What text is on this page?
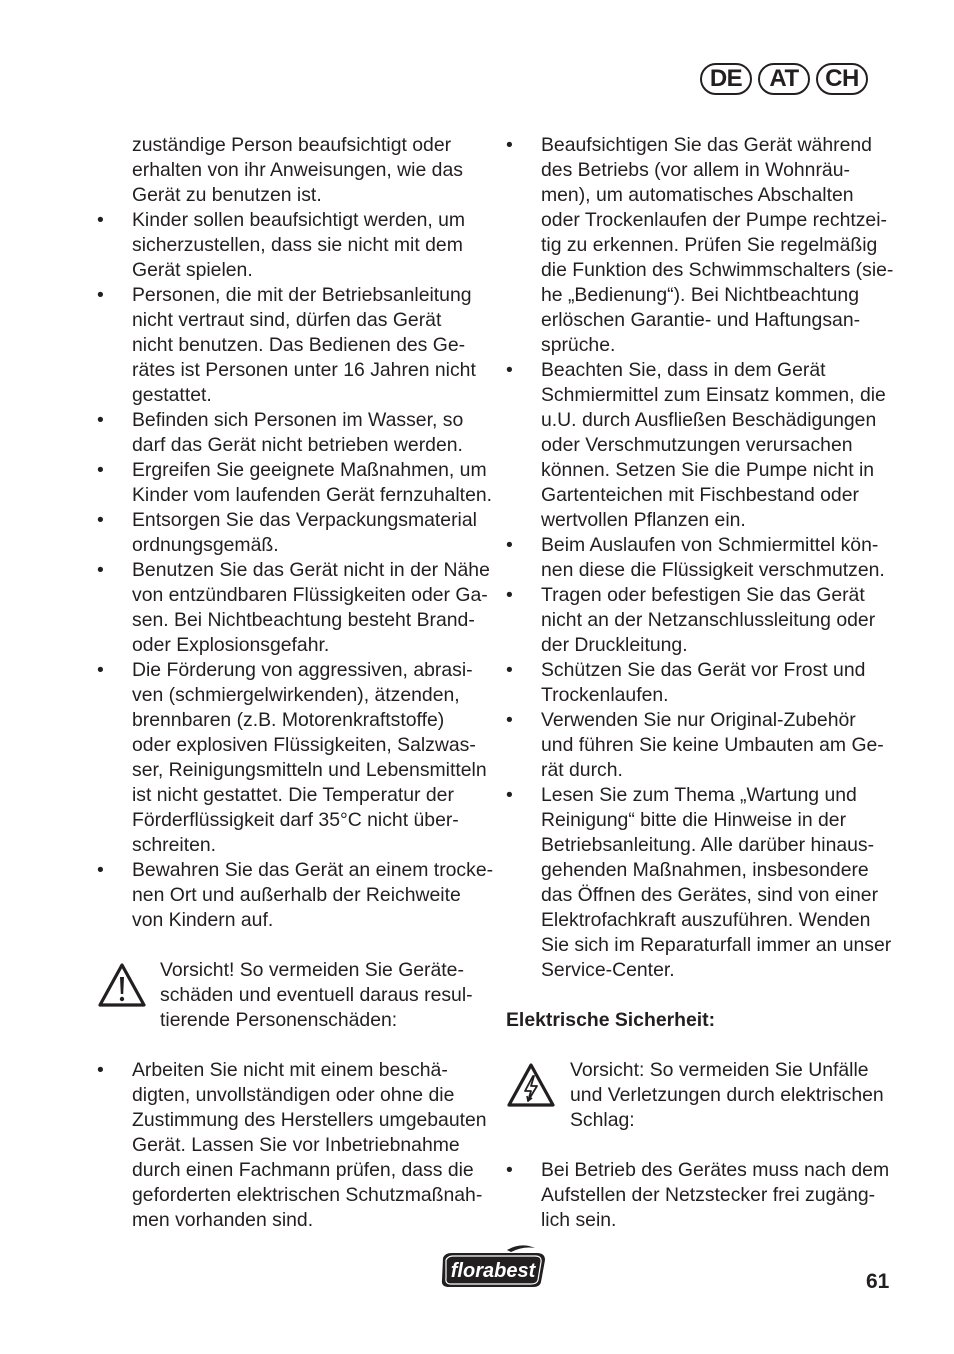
DE	AT	CH
zuständige Person beaufsichtigt oder
erhalten von ihr Anweisungen, wie das
Gerät zu benutzen ist.
•	Kinder sollen beaufsichtigt werden, um
sicherzustellen, dass sie nicht mit dem
Gerät spielen.
•	Personen, die mit der Betriebsanleitung
nicht vertraut sind, dürfen das Gerät
nicht benutzen. Das Bedienen des Ge-
rätes ist Personen unter 16 Jahren nicht
gestattet.
•	Befinden sich Personen im Wasser, so
darf das Gerät nicht betrieben werden.
•	Ergreifen Sie geeignete Maßnahmen, um
Kinder vom laufenden Gerät fernzuhalten.
•	Entsorgen Sie das Verpackungsmaterial
ordnungsgemäß.
•	Benutzen Sie das Gerät nicht in der Nähe
von entzündbaren Flüssigkeiten oder Ga-
sen. Bei Nichtbeachtung besteht Brand-
oder Explosionsgefahr.
•	Die Förderung von aggressiven, abrasi-
ven (schmiergelwirkenden), ätzenden,
brennbaren (z.B. Motorenkraftstoffe)
oder explosiven Flüssigkeiten, Salzwas-
ser, Reinigungsmitteln und Lebensmitteln
ist nicht gestattet. Die Temperatur der
Förderflüssigkeit darf 35°C nicht über-
schreiten.
•	Bewahren Sie das Gerät an einem trocke-
nen Ort und außerhalb der Reichweite
von Kindern auf.
Vorsicht! So vermeiden Sie Geräte-
schäden und eventuell daraus resul-
tierende Personenschäden:
•	Arbeiten Sie nicht mit einem beschä-
digten, unvollständigen oder ohne die
Zustimmung des Herstellers umgebauten
Gerät. Lassen Sie vor Inbetriebnahme
durch einen Fachmann prüfen, dass die
geforderten elektrischen Schutzmaßnah-
men vorhanden sind.
•	Beaufsichtigen Sie das Gerät während
des Betriebs (vor allem in Wohnräu-
men), um automatisches Abschalten
oder Trockenlaufen der Pumpe rechtzei-
tig zu erkennen. Prüfen Sie regelmäßig
die Funktion des Schwimmschalters (sie-
he „Bedienung“). Bei Nichtbeachtung
erlöschen Garantie- und Haftungsan-
sprüche.
•	Beachten Sie, dass in dem Gerät
Schmiermittel zum Einsatz kommen, die
u.U. durch Ausfließen Beschädigungen
oder Verschmutzungen verursachen
können. Setzen Sie die Pumpe nicht in
Gartenteichen mit Fischbestand oder
wertvollen Pflanzen ein.
•	Beim Auslaufen von Schmiermittel kön-
nen diese die Flüssigkeit verschmutzen.
•	Tragen oder befestigen Sie das Gerät
nicht an der Netzanschlussleitung oder
der Druckleitung.
•	Schützen Sie das Gerät vor Frost und
Trockenlaufen.
•	Verwenden Sie nur Original-Zubehör
und führen Sie keine Umbauten am Ge-
rät durch.
•	Lesen Sie zum Thema „Wartung und
Reinigung“ bitte die Hinweise in der
Betriebsanleitung. Alle darüber hinaus-
gehenden Maßnahmen, insbesondere
das Öffnen des Gerätes, sind von einer
Elektrofachkraft auszuführen. Wenden
Sie sich im Reparaturfall immer an unser
Service-Center.
Elektrische Sicherheit:
Vorsicht: So vermeiden Sie Unfälle
und Verletzungen durch elektrischen
Schlag:
•	Bei Betrieb des Gerätes muss nach dem
Aufstellen der Netzstecker frei zugäng-
lich sein.
florabest	61
